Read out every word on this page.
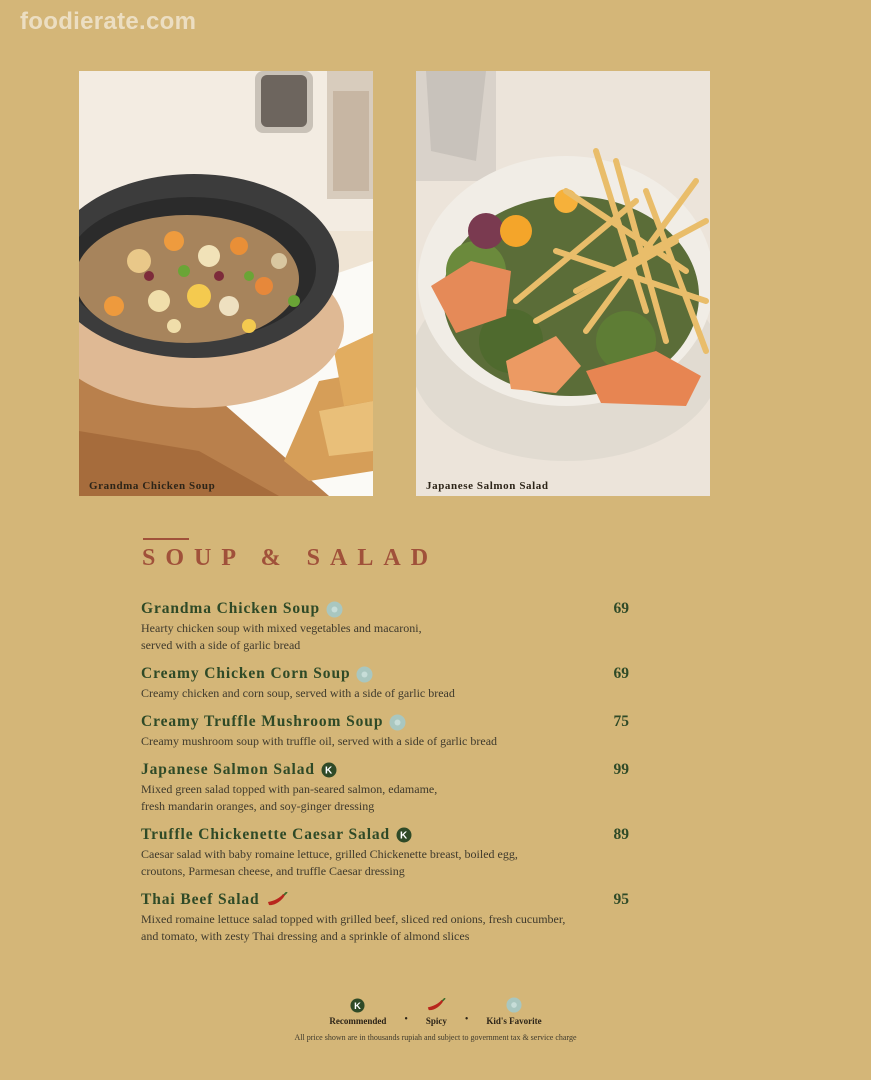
foodierate.com
Grandma Chicken Soup	Japanese Salmon Salad
SOUP & SALAD
Grandma Chicken Soup	69
Hearty chicken soup with mixed vegetables and macaroni,
served with a side of garlic bread
Creamy Chicken Corn Soup	69
Creamy chicken and corn soup, served with a side of garlic bread
Creamy Truffle Mushroom Soup	75
Creamy mushroom soup with truffle oil, served with a side of garlic bread
Japanese Salmon Salad K	99
Mixed green salad topped with pan-seared salmon, edamame,
fresh mandarin oranges, and soy-ginger dressing
Truffle Chickenette Caesar Salad K	89
Caesar salad with baby romaine lettuce, grilled Chickenette breast, boiled egg,
croutons, Parmesan cheese, and truffle Caesar dressing
Thai Beef Salad	95
Mixed romaine lettuce salad topped with grilled beef, sliced red onions, fresh cucumber,
and tomato, with zesty Thai dressing and a sprinkle of almond slices
K
Recommended • Spicy • Kid's Favorite
All price shown are in thousands rupiah and subject to government tax & service charge
